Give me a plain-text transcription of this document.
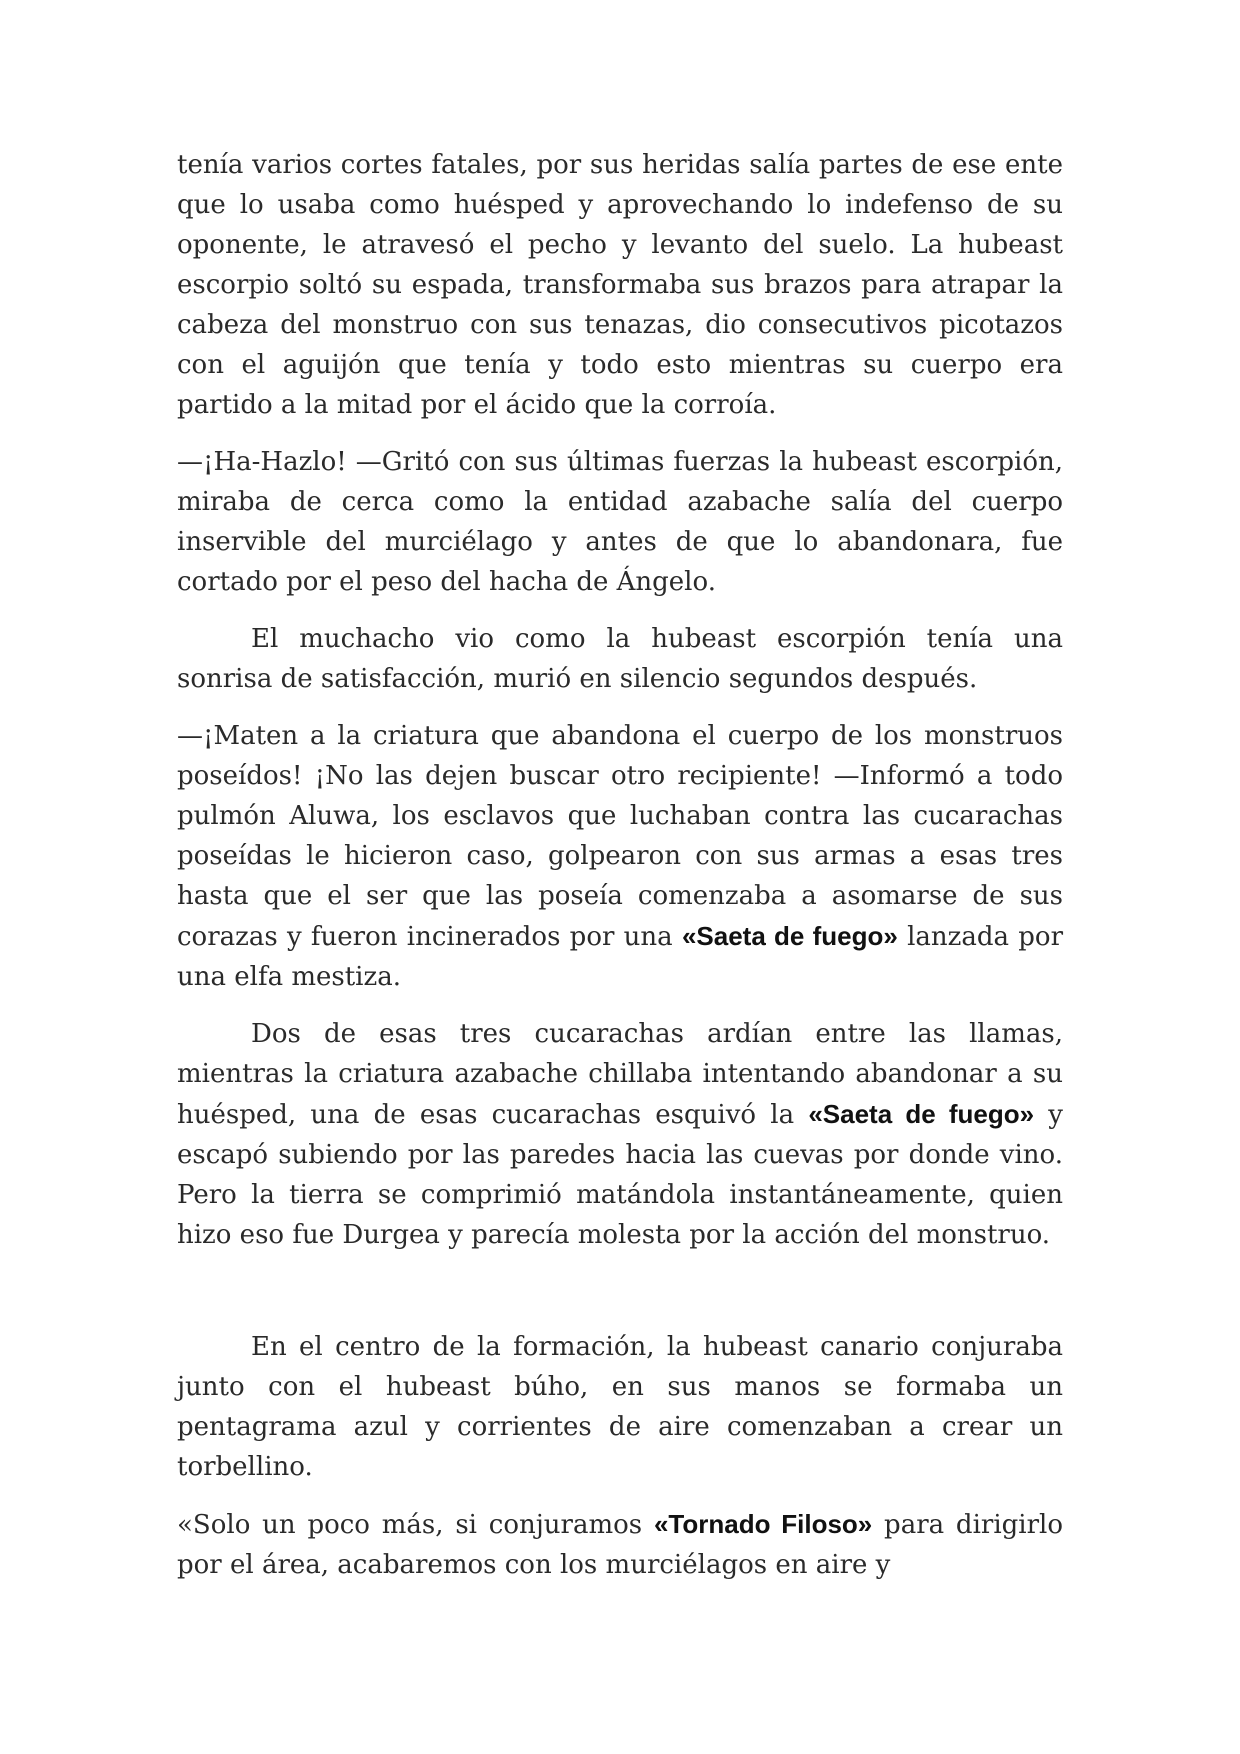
tenía varios cortes fatales, por sus heridas salía partes de ese ente que lo usaba como huésped y aprovechando lo indefenso de su oponente, le atravesó el pecho y levanto del suelo. La hubeast escorpio soltó su espada, transformaba sus brazos para atrapar la cabeza del monstruo con sus tenazas, dio consecutivos picotazos con el aguijón que tenía y todo esto mientras su cuerpo era partido a la mitad por el ácido que la corroía.

—¡Ha-Hazlo! —Gritó con sus últimas fuerzas la hubeast escorpión, miraba de cerca como la entidad azabache salía del cuerpo inservible del murciélago y antes de que lo abandonara, fue cortado por el peso del hacha de Ángelo.

El muchacho vio como la hubeast escorpión tenía una sonrisa de satisfacción, murió en silencio segundos después.

—¡Maten a la criatura que abandona el cuerpo de los monstruos poseídos! ¡No las dejen buscar otro recipiente! —Informó a todo pulmón Aluwa, los esclavos que luchaban contra las cucarachas poseídas le hicieron caso, golpearon con sus armas a esas tres hasta que el ser que las poseía comenzaba a asomarse de sus corazas y fueron incinerados por una «Saeta de fuego» lanzada por una elfa mestiza.

Dos de esas tres cucarachas ardían entre las llamas, mientras la criatura azabache chillaba intentando abandonar a su huésped, una de esas cucarachas esquivó la «Saeta de fuego» y escapó subiendo por las paredes hacia las cuevas por donde vino. Pero la tierra se comprimió matándola instantáneamente, quien hizo eso fue Durgea y parecía molesta por la acción del monstruo.

En el centro de la formación, la hubeast canario conjuraba junto con el hubeast búho, en sus manos se formaba un pentagrama azul y corrientes de aire comenzaban a crear un torbellino.

«Solo un poco más, si conjuramos «Tornado Filoso» para dirigirlo por el área, acabaremos con los murciélagos en aire y
